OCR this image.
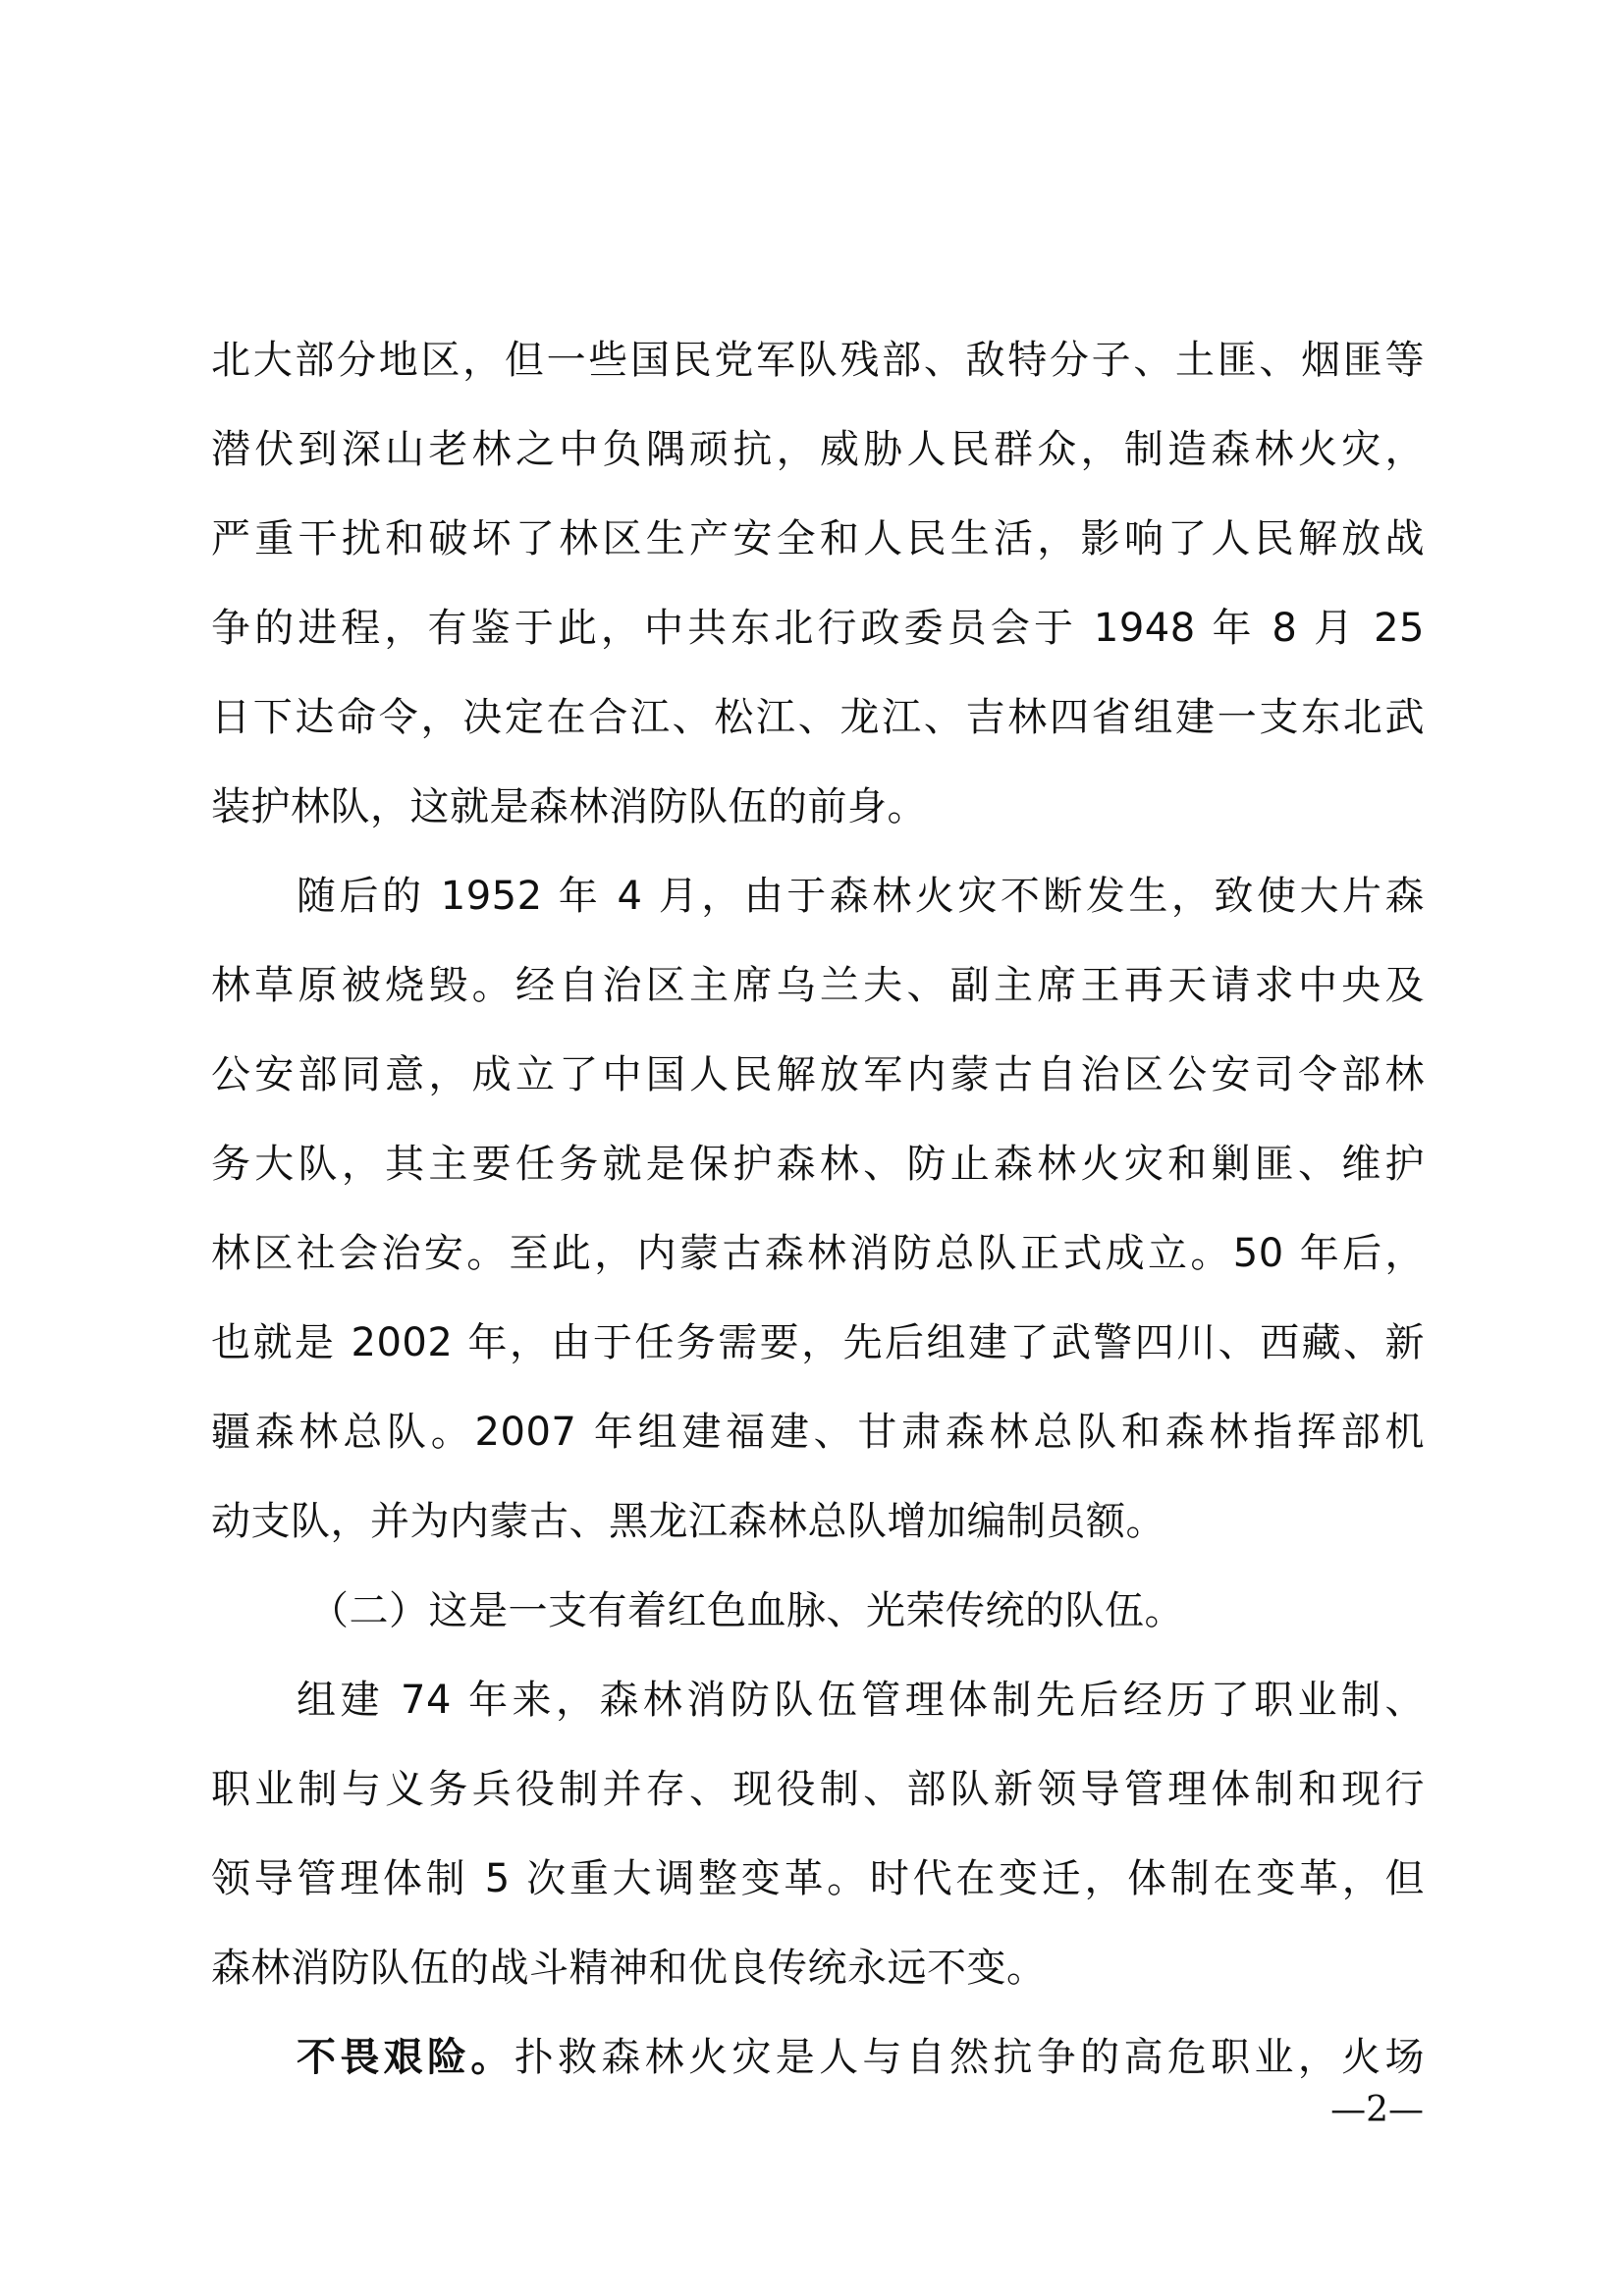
北大部分地区，但一些国民党军队残部、敌特分子、土匪、烟匪等
潜伏到深山老林之中负隅顽抗，威胁人民群众，制造森林火灾，
严重干扰和破坏了林区生产安全和人民生活，影响了人民解放战
争的进程，有鉴于此，中共东北行政委员会于 1948 年 8 月 25
日下达命令，决定在合江、松江、龙江、吉林四省组建一支东北武
装护林队，这就是森林消防队伍的前身。

随后的 1952 年 4 月，由于森林火灾不断发生，致使大片森
林草原被烧毁。经自治区主席乌兰夫、副主席王再天请求中央及
公安部同意，成立了中国人民解放军内蒙古自治区公安司令部林
务大队，其主要任务就是保护森林、防止森林火灾和剿匪、维护
林区社会治安。至此，内蒙古森林消防总队正式成立。50 年后，
也就是 2002 年，由于任务需要，先后组建了武警四川、西藏、新
疆森林总队。2007 年组建福建、甘肃森林总队和森林指挥部机
动支队，并为内蒙古、黑龙江森林总队增加编制员额。

（二）这是一支有着红色血脉、光荣传统的队伍。

组建 74 年来，森林消防队伍管理体制先后经历了职业制、
职业制与义务兵役制并存、现役制、部队新领导管理体制和现行
领导管理体制 5 次重大调整变革。时代在变迁，体制在变革，但
森林消防队伍的战斗精神和优良传统永远不变。

不畏艰险。扑救森林火灾是人与自然抗争的高危职业，火场

—2—
